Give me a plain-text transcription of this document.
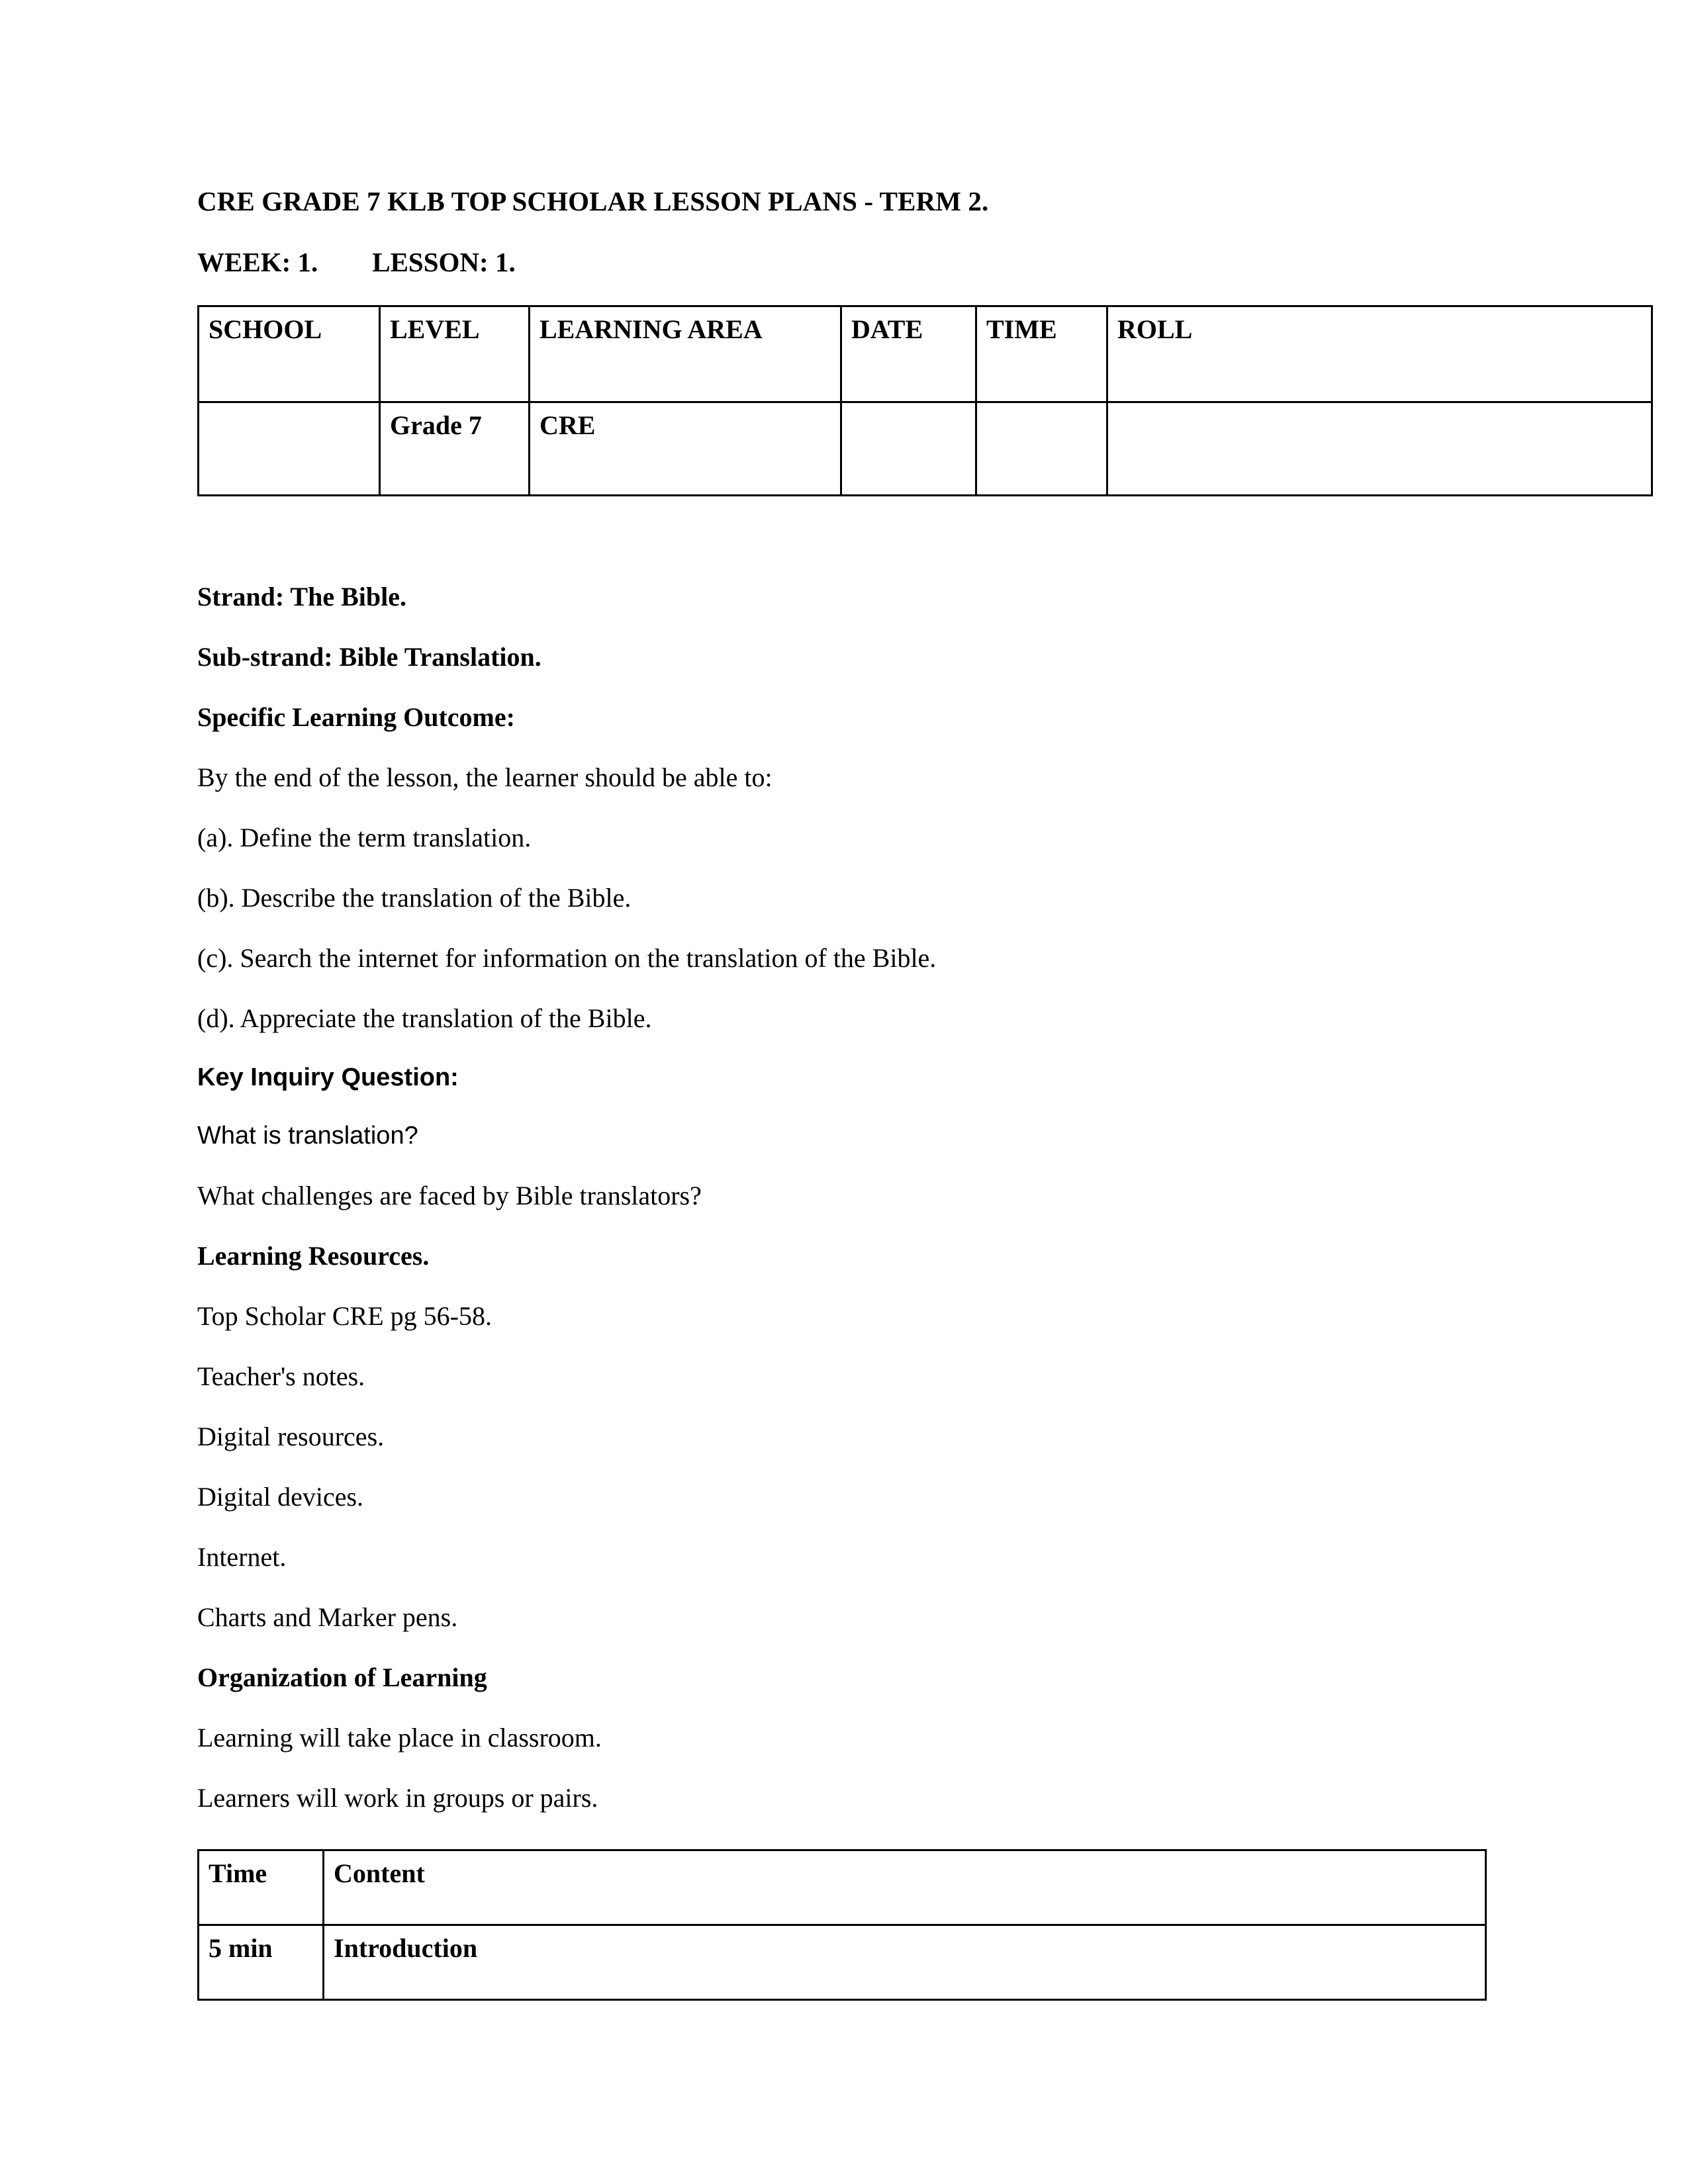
CRE GRADE 7 KLB TOP SCHOLAR LESSON PLANS - TERM 2.
WEEK: 1.        LESSON: 1.
SCHOOL	LEVEL	LEARNING AREA	DATE	TIME	ROLL
	Grade 7	CRE			

Strand: The Bible.

Sub-strand: Bible Translation.

Specific Learning Outcome:

By the end of the lesson, the learner should be able to:

(a). Define the term translation.

(b). Describe the translation of the Bible.

(c). Search the internet for information on the translation of the Bible.

(d). Appreciate the translation of the Bible.

Key Inquiry Question:

What is translation?

What challenges are faced by Bible translators?

Learning Resources.

Top Scholar CRE pg 56-58.

Teacher's notes.

Digital resources.

Digital devices.

Internet.

Charts and Marker pens.

Organization of Learning

Learning will take place in classroom.

Learners will work in groups or pairs.

Time	Content
5 min	Introduction
